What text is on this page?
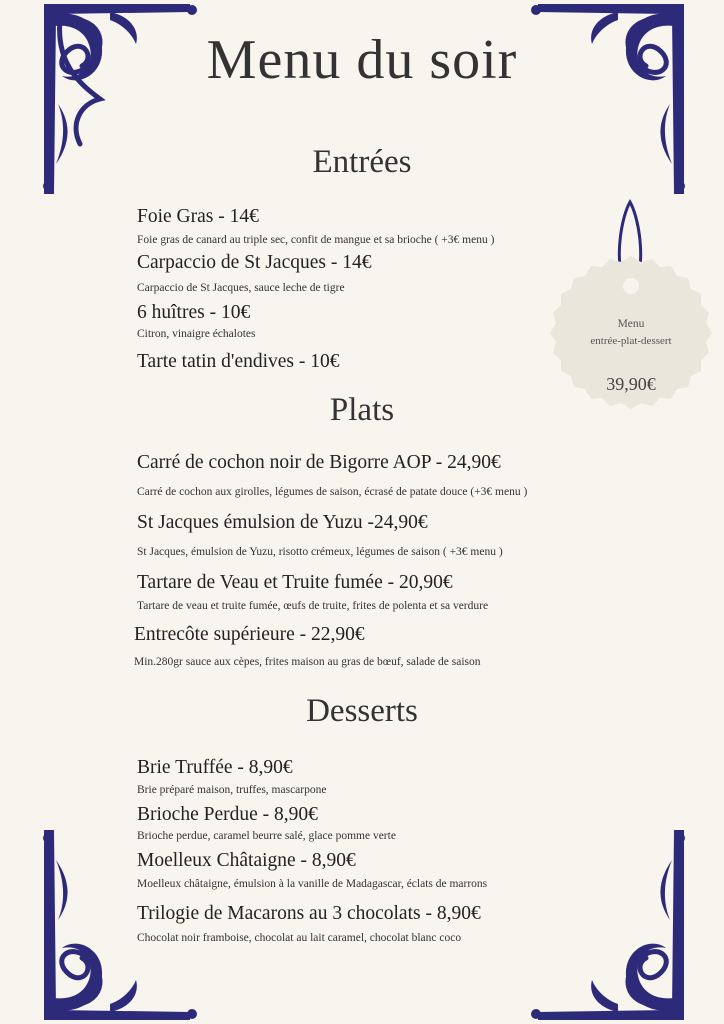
Menu du soir
Entrées
Foie Gras - 14€
Foie gras de canard au triple sec, confit de mangue et sa brioche ( +3€ menu )
Carpaccio de St Jacques - 14€
Carpaccio de St Jacques, sauce leche de tigre
6 huîtres - 10€
Citron, vinaigre échalotes
Tarte tatin d'endives - 10€
Menu
entrée-plat-dessert
39,90€
Plats
Carré de cochon noir de Bigorre AOP - 24,90€
Carré de cochon aux girolles, légumes de saison, écrasé de patate douce (+3€ menu )
St Jacques émulsion de Yuzu -24,90€
St Jacques, émulsion de Yuzu, risotto crémeux, légumes de saison ( +3€ menu )
Tartare de Veau et Truite fumée - 20,90€
Tartare de veau et truite fumée, œufs de truite, frites de polenta et sa verdure
Entrecôte supérieure - 22,90€
Min.280gr sauce aux cèpes, frites maison au gras de bœuf, salade de saison
Desserts
Brie Truffée - 8,90€
Brie préparé maison, truffes, mascarpone
Brioche Perdue - 8,90€
Brioche perdue, caramel beurre salé, glace pomme verte
Moelleux Châtaigne - 8,90€
Moelleux châtaigne, émulsion à la vanille de Madagascar, éclats de marrons
Trilogie de Macarons au 3 chocolats - 8,90€
Chocolat noir framboise, chocolat au lait caramel, chocolat blanc coco
